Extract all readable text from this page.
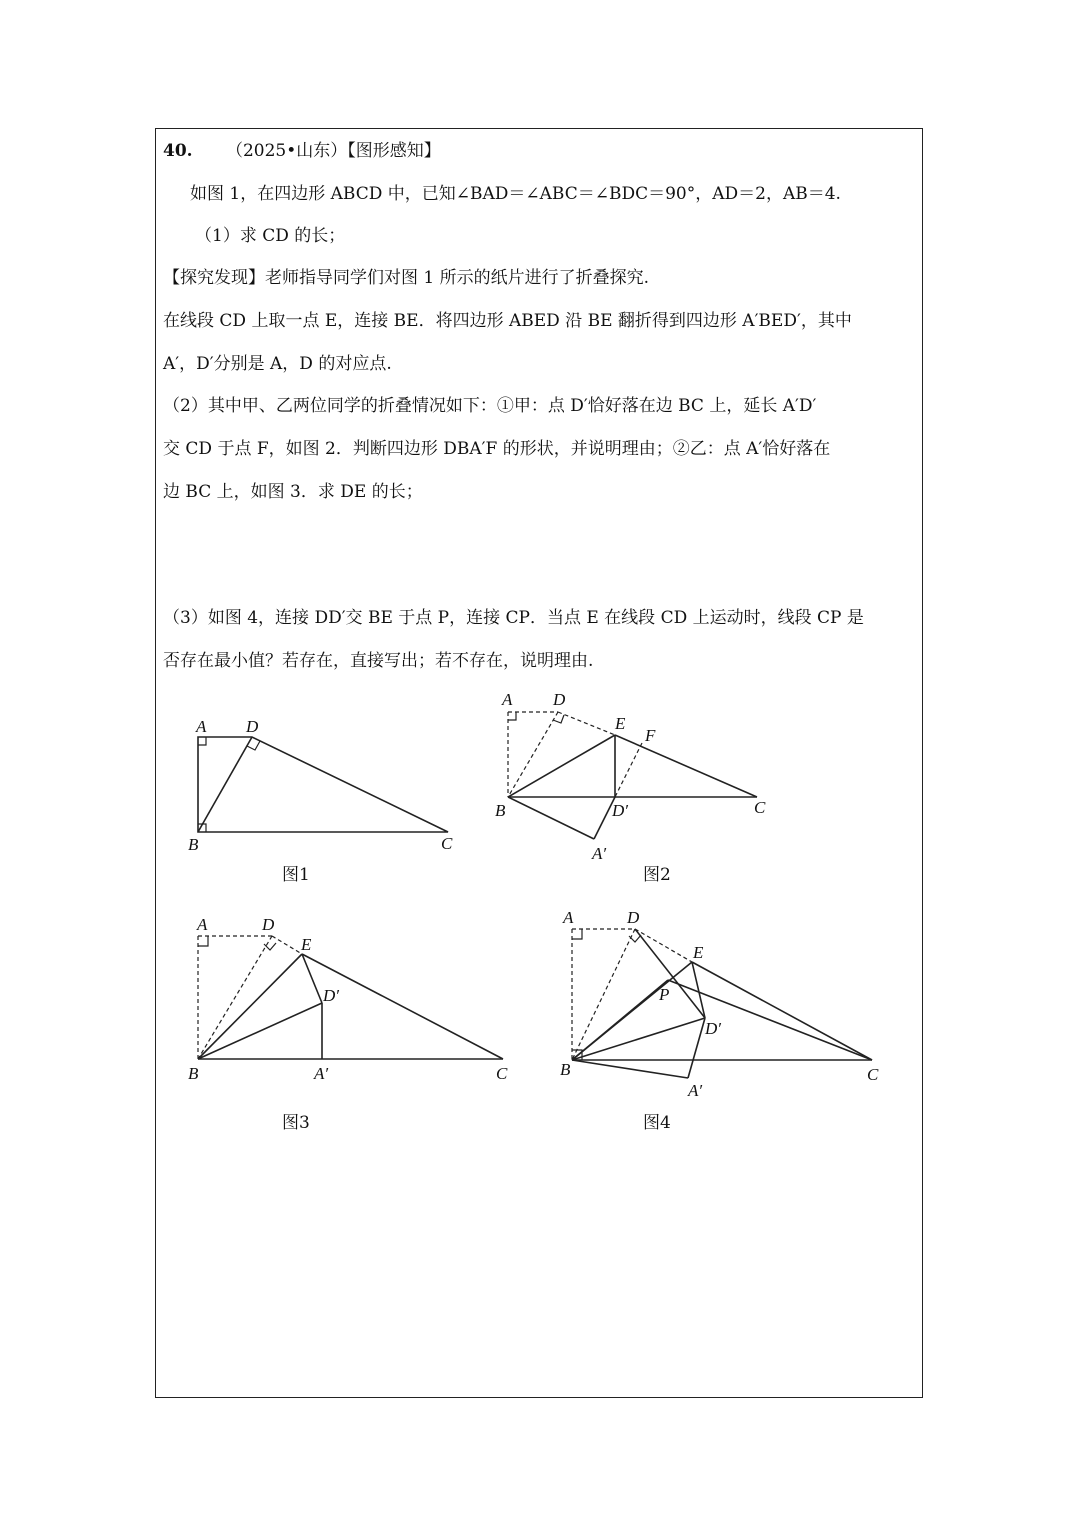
40. （2025•山东）【图形感知】
如图 1，在四边形 ABCD 中，已知∠BAD＝∠ABC＝∠BDC＝90°，AD＝2，AB＝4.
（1）求 CD 的长；
【探究发现】老师指导同学们对图 1 所示的纸片进行了折叠探究.
在线段 CD 上取一点 E，连接 BE．将四边形 ABED 沿 BE 翻折得到四边形 A′BED′，其中
A′，D′分别是 A，D 的对应点.
（2）其中甲、乙两位同学的折叠情况如下：①甲：点 D′恰好落在边 BC 上，延长 A′D′
交 CD 于点 F，如图 2．判断四边形 DBA′F 的形状，并说明理由；②乙：点 A′恰好落在
边 BC 上，如图 3．求 DE 的长；
（3）如图 4，连接 DD′交 BE 于点 P，连接 CP．当点 E 在线段 CD 上运动时，线段 CP 是
否存在最小值？若存在，直接写出；若不存在，说明理由.
A D
B	C
图1
A D
E
F
B	D′	C
A′
图2
A	D
E
D′
B	A′	C
图3
A	D
E
P
D′
B
A′
C
图4
